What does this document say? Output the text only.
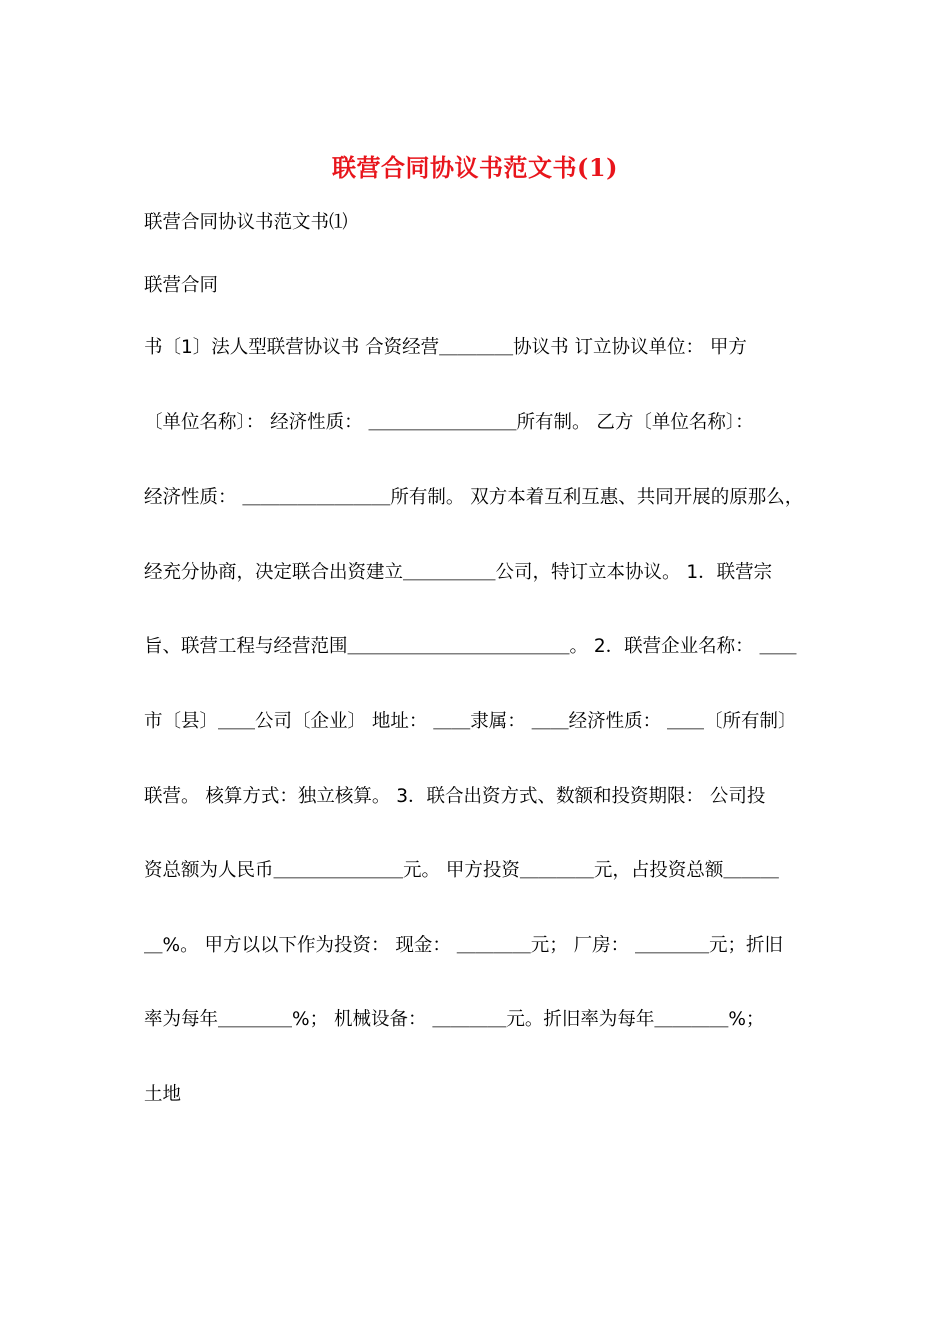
联营合同协议书范文书(1)
联营合同协议书范文书⑴
联营合同
书〔1〕法人型联营协议书 合资经营＿＿＿＿协议书 订立协议单位： 甲方
〔单位名称〕： 经济性质： ＿＿＿＿＿＿＿＿所有制。 乙方〔单位名称〕：
经济性质： ＿＿＿＿＿＿＿＿所有制。 双方本着互利互惠、共同开展的原那么，
经充分协商，决定联合出资建立＿＿＿＿＿公司，特订立本协议。 1．联营宗
旨、联营工程与经营范围＿＿＿＿＿＿＿＿＿＿＿＿。 2．联营企业名称： ＿＿
市〔县〕＿＿公司〔企业〕 地址： ＿＿隶属： ＿＿经济性质： ＿＿〔所有制〕
联营。 核算方式：独立核算。 3．联合出资方式、数额和投资期限： 公司投
资总额为人民币＿＿＿＿＿＿＿元。 甲方投资＿＿＿＿元，占投资总额＿＿＿
＿%。 甲方以以下作为投资： 现金： ＿＿＿＿元； 厂房： ＿＿＿＿元；折旧
率为每年＿＿＿＿%； 机械设备： ＿＿＿＿元。折旧率为每年＿＿＿＿%；
土地
